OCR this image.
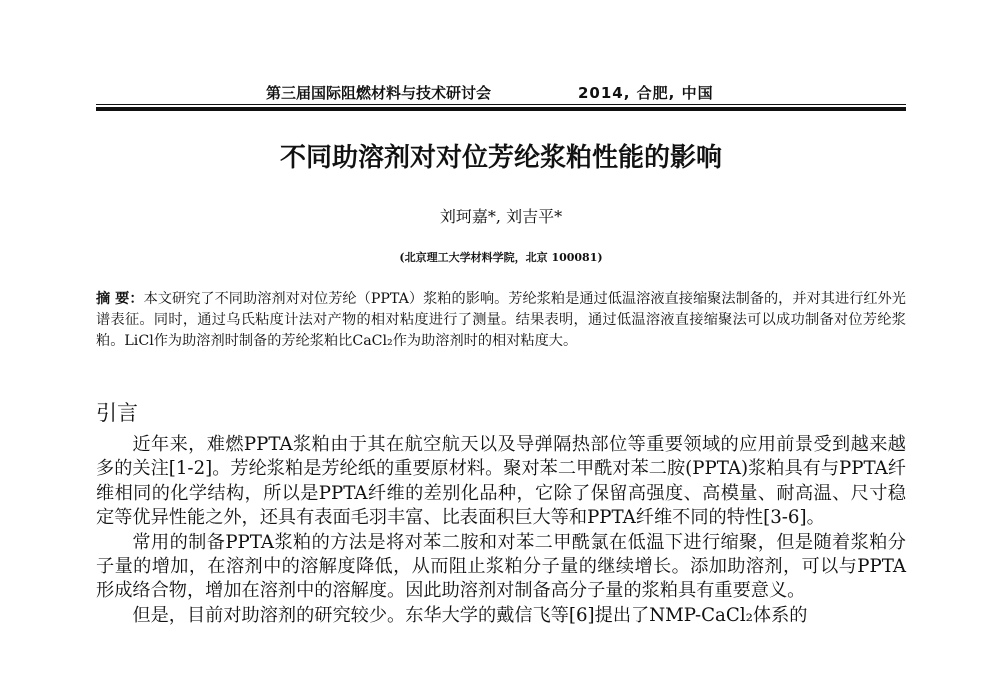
第三届国际阻燃材料与技术研讨会	2014, 合肥, 中国
不同助溶剂对对位芳纶浆粕性能的影响
刘珂嘉*, 刘吉平*
(北京理工大学材料学院，北京 100081)
摘 要：本文研究了不同助溶剂对对位芳纶（PPTA）浆粕的影响。芳纶浆粕是通过低温溶液直接缩聚法制备的，并对其进行红外光谱表征。同时，通过乌氏粘度计法对产物的相对粘度进行了测量。结果表明，通过低温溶液直接缩聚法可以成功制备对位芳纶浆粕。LiCl作为助溶剂时制备的芳纶浆粕比CaCl₂作为助溶剂时的相对粘度大。
引言

近年来，难燃PPTA浆粕由于其在航空航天以及导弹隔热部位等重要领域的应用前景受到越来越多的关注[1-2]。芳纶浆粕是芳纶纸的重要原材料。聚对苯二甲酰对苯二胺(PPTA)浆粕具有与PPTA纤维相同的化学结构，所以是PPTA纤维的差别化品种，它除了保留高强度、高模量、耐高温、尺寸稳定等优异性能之外，还具有表面毛羽丰富、比表面积巨大等和PPTA纤维不同的特性[3-6]。

常用的制备PPTA浆粕的方法是将对苯二胺和对苯二甲酰氯在低温下进行缩聚，但是随着浆粕分子量的增加，在溶剂中的溶解度降低，从而阻止浆粕分子量的继续增长。添加助溶剂，可以与PPTA形成络合物，增加在溶剂中的溶解度。因此助溶剂对制备高分子量的浆粕具有重要意义。

但是，目前对助溶剂的研究较少。东华大学的戴信飞等[6]提出了NMP-CaCl₂体系的
